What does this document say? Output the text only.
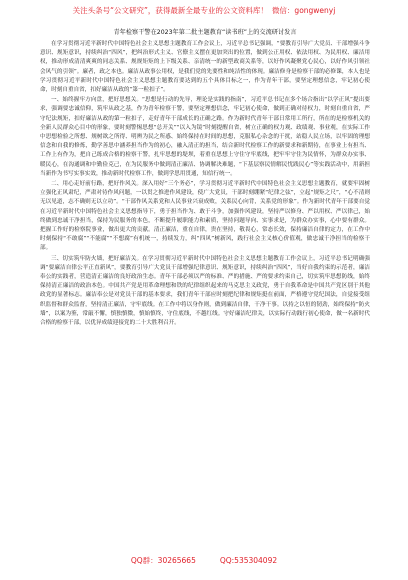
关注头条号“公文研究”，获得最新全最专业的公文资料库！ 微信：gongwenyj
青年检察干警在2023年第二批主题教育“读书班”上的交流研讨发言

在学习贯彻习近平新时代中国特色社会主义思想主题教育工作会议上，习近平总书记强调，“要教育引导广大党员、干部增强斗争意识、规矩意识，持续纠治“四风”，把纠治形式主义、官僚主义摆在更加突出的位置，做到公正用权、依法用权、为民用权、廉洁用权，推动形成清清爽爽的同志关系、规规矩矩的上下级关系、亲清统一的新型政商关系等，以好作风凝聚党心民心，以好作风引领社会风气的引领”。廉者，政之本也。廉洁从政事公用权，是我们党的先要性和纯洁性的体现。廉洁修身是检察干部的必修课，本人也是学习贯彻习近平新时代中国特色社会主义思想主题教育要达到的五个具体目标之一，作为青年干部，要坚定理想信念，牢记初心使命，时刻自重自省，扣好廉洁从政的“第一粒扣子”。

一、始终握牢方向盘，把好思想关。“思想是行动的先导，理论是实践的指南”，习近平总书记在多个场合指出“以学正风”提出要求，强调要忠诚信仰，筑牢从政之基，作为青年检察干警，要坚定理想信念，牢记初心使命，做到正确对待权力，时刻自重自省，严守纪法规矩，扣好廉洁从政的第一粒扣子，走好青年干部成长的正确之路。作为新时代青年干部日常用工所行，所在的是检察机关的全新人民群众心目中的形象，要时刻警惕思想“总开关”“以入为镜”时刻提醒自省，树立正确的权力观、政绩观、事业观，在实际工作中思想检验之所想、规树欲之所得、明辨为民之所惑、始终保持在时间的思想，克服私心杂念的干扰，站稳人民立场，以牢固的理想信念和自我的修炼，勤学善思中涵养担当作为的初心，融入清正的担当，结合新时代检察工作的新要求和新期待，在事业上有担当、工作上有作为，把自己练成合格的检察干警，扎牢思想的堤坝，着重在思想上守住守牢底线，把牢牢守住为民情怀，为群众办实事、暖民心，在沟通调和中勤俭克己，在为民服务中做到清正廉洁、协调解决难题，“下基层察民情解民忧践民心”等实践活动中，用新担当新作为书写实事实效，推动新时代检察工作，做到学思用贯通，知信行统一。

二、用心走好前行路，把好作风关。深入用好“三个务必”，学习贯彻习近平新时代中国特色社会主义思想主题教育，就要牢固树立强化正风肃纪，严肃对待作风问题，一以贯之推进作风建设，使广大党员，干部时刻绷紧“纪律之弦”，立起“规矩之尺”，“心不清则无以见道，志不确则无以立功”。“干部作风关系党和人民事业兴衰成败，关系民心向背，关系党的形象”。作为新时代青年干部要自觉在习近平新时代中国特色社会主义思想指导下，勇于担当作为、敢于斗争，加强作风建设，坚持严以修身、严以用权、严以律己，始终做到忠诚干净担当，保持为民服务的本色，不断提升履职能力和素质，坚持问题导向、实事求是，为群众办实事，心中要有群众。把握工作好的检察院事业，做出更大的贡献。清正廉洁，重在自律，贵在坚持，敬畏心，常态长效，保持廉洁自律的定力，在工作中时刻保持“不敢腐”“不能腐”“不想腐”有机统一，持续发力，纠“四风”树新风，践行社会主义核心价值观，做忠诚干净担当的检察干部。

三、切实筑牢防火墙，把好廉洁关。在学习贯彻习近平新时代中国特色社会主义思想主题教育工作会议上，习近平总书记明确强调“要廉洁自律公平正直新风”，要教育引导广大党员干部增强纪律意识、规矩意识，持续纠治“四风”，当好自我约束的示范者，廉洁奉公的实践者，营造清正廉洁的良好政治生态。青年干部必须以严的标准、严的措施、严的要求约束自己，切实筑牢思想防线，始终保持清正廉洁的政治本色。中国共产党是用革命理想和铁的纪律组织起来的马克思主义政党，勇于自我革命是中国共产党区别于其他政党的显著标志。廉洁奉公是对党员干部的基本要求，我们青年干部应时刻把纪律和规矩挺在前面，严格遵守党纪国法，自觉接受组织监督和群众监督，坚持清正廉洁，守牢底线。在工作中将以身作则，做到廉洁自律，干净干事。以持之以恒的韧劲，始终保持“防火墙”，以案为鉴，常敲不懈，慎独慎微，慎始慎终，守住底线，不越红线。守好廉洁纪律关，以实际行动践行初心使命，做一名新时代合格的检察干部，以优异成绩迎接党的二十大胜利召开。

QQ群：30265665	QQ:535304092
